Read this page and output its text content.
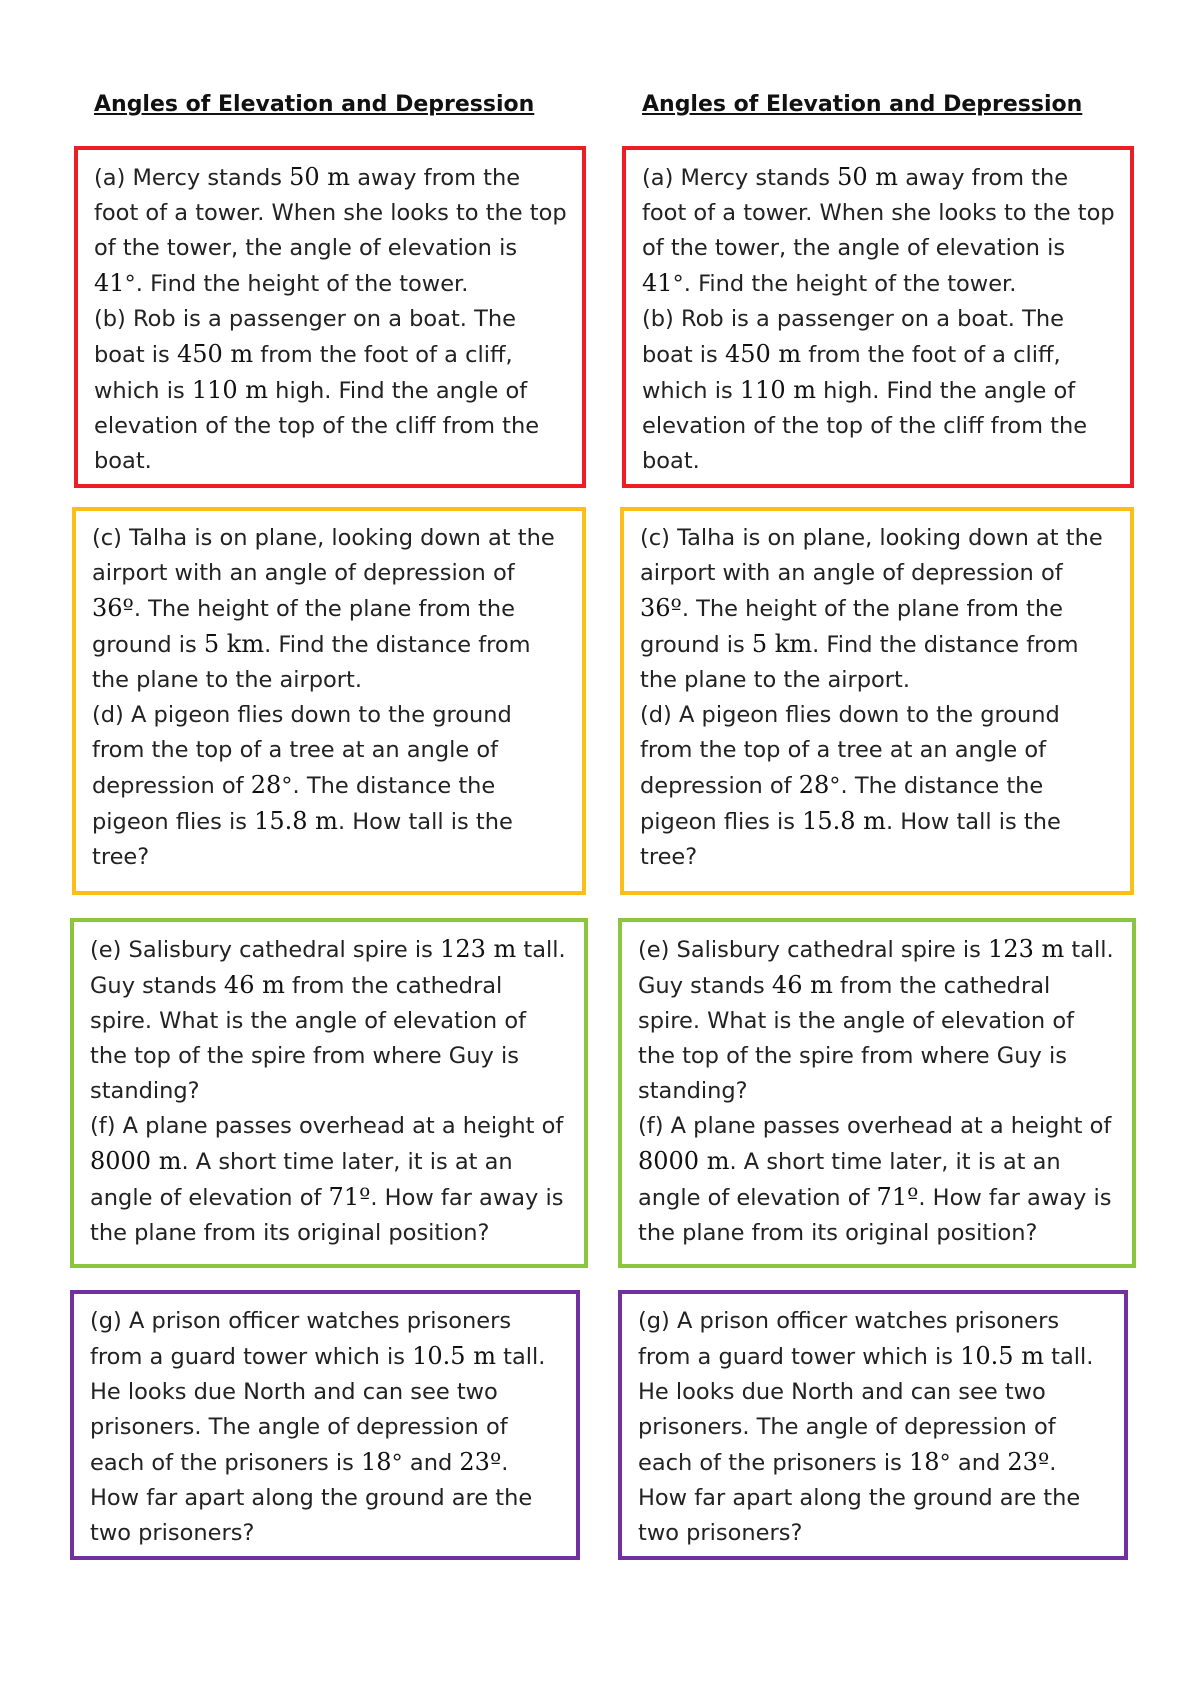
Angles of Elevation and Depression

(a) Mercy stands 50 m away from the foot of a tower. When she looks to the top of the tower, the angle of elevation is 41°. Find the height of the tower.

(b) Rob is a passenger on a boat. The boat is 450 m from the foot of a cliff, which is 110 m high. Find the angle of elevation of the top of the cliff from the boat.

(c) Talha is on plane, looking down at the airport with an angle of depression of 36º. The height of the plane from the ground is 5 km. Find the distance from the plane to the airport.

(d) A pigeon flies down to the ground from the top of a tree at an angle of depression of 28°. The distance the pigeon flies is 15.8 m. How tall is the tree?

(e) Salisbury cathedral spire is 123 m tall. Guy stands 46 m from the cathedral spire. What is the angle of elevation of the top of the spire from where Guy is standing?

(f) A plane passes overhead at a height of 8000 m. A short time later, it is at an angle of elevation of 71º. How far away is the plane from its original position?

(g) A prison officer watches prisoners from a guard tower which is 10.5 m tall. He looks due North and can see two prisoners. The angle of depression of each of the prisoners is 18° and 23º. How far apart along the ground are the two prisoners?

Angles of Elevation and Depression

(a) Mercy stands 50 m away from the foot of a tower. When she looks to the top of the tower, the angle of elevation is 41°. Find the height of the tower.

(b) Rob is a passenger on a boat. The boat is 450 m from the foot of a cliff, which is 110 m high. Find the angle of elevation of the top of the cliff from the boat.

(c) Talha is on plane, looking down at the airport with an angle of depression of 36º. The height of the plane from the ground is 5 km. Find the distance from the plane to the airport.

(d) A pigeon flies down to the ground from the top of a tree at an angle of depression of 28°. The distance the pigeon flies is 15.8 m. How tall is the tree?

(e) Salisbury cathedral spire is 123 m tall. Guy stands 46 m from the cathedral spire. What is the angle of elevation of the top of the spire from where Guy is standing?

(f) A plane passes overhead at a height of 8000 m. A short time later, it is at an angle of elevation of 71º. How far away is the plane from its original position?

(g) A prison officer watches prisoners from a guard tower which is 10.5 m tall. He looks due North and can see two prisoners. The angle of depression of each of the prisoners is 18° and 23º. How far apart along the ground are the two prisoners?
